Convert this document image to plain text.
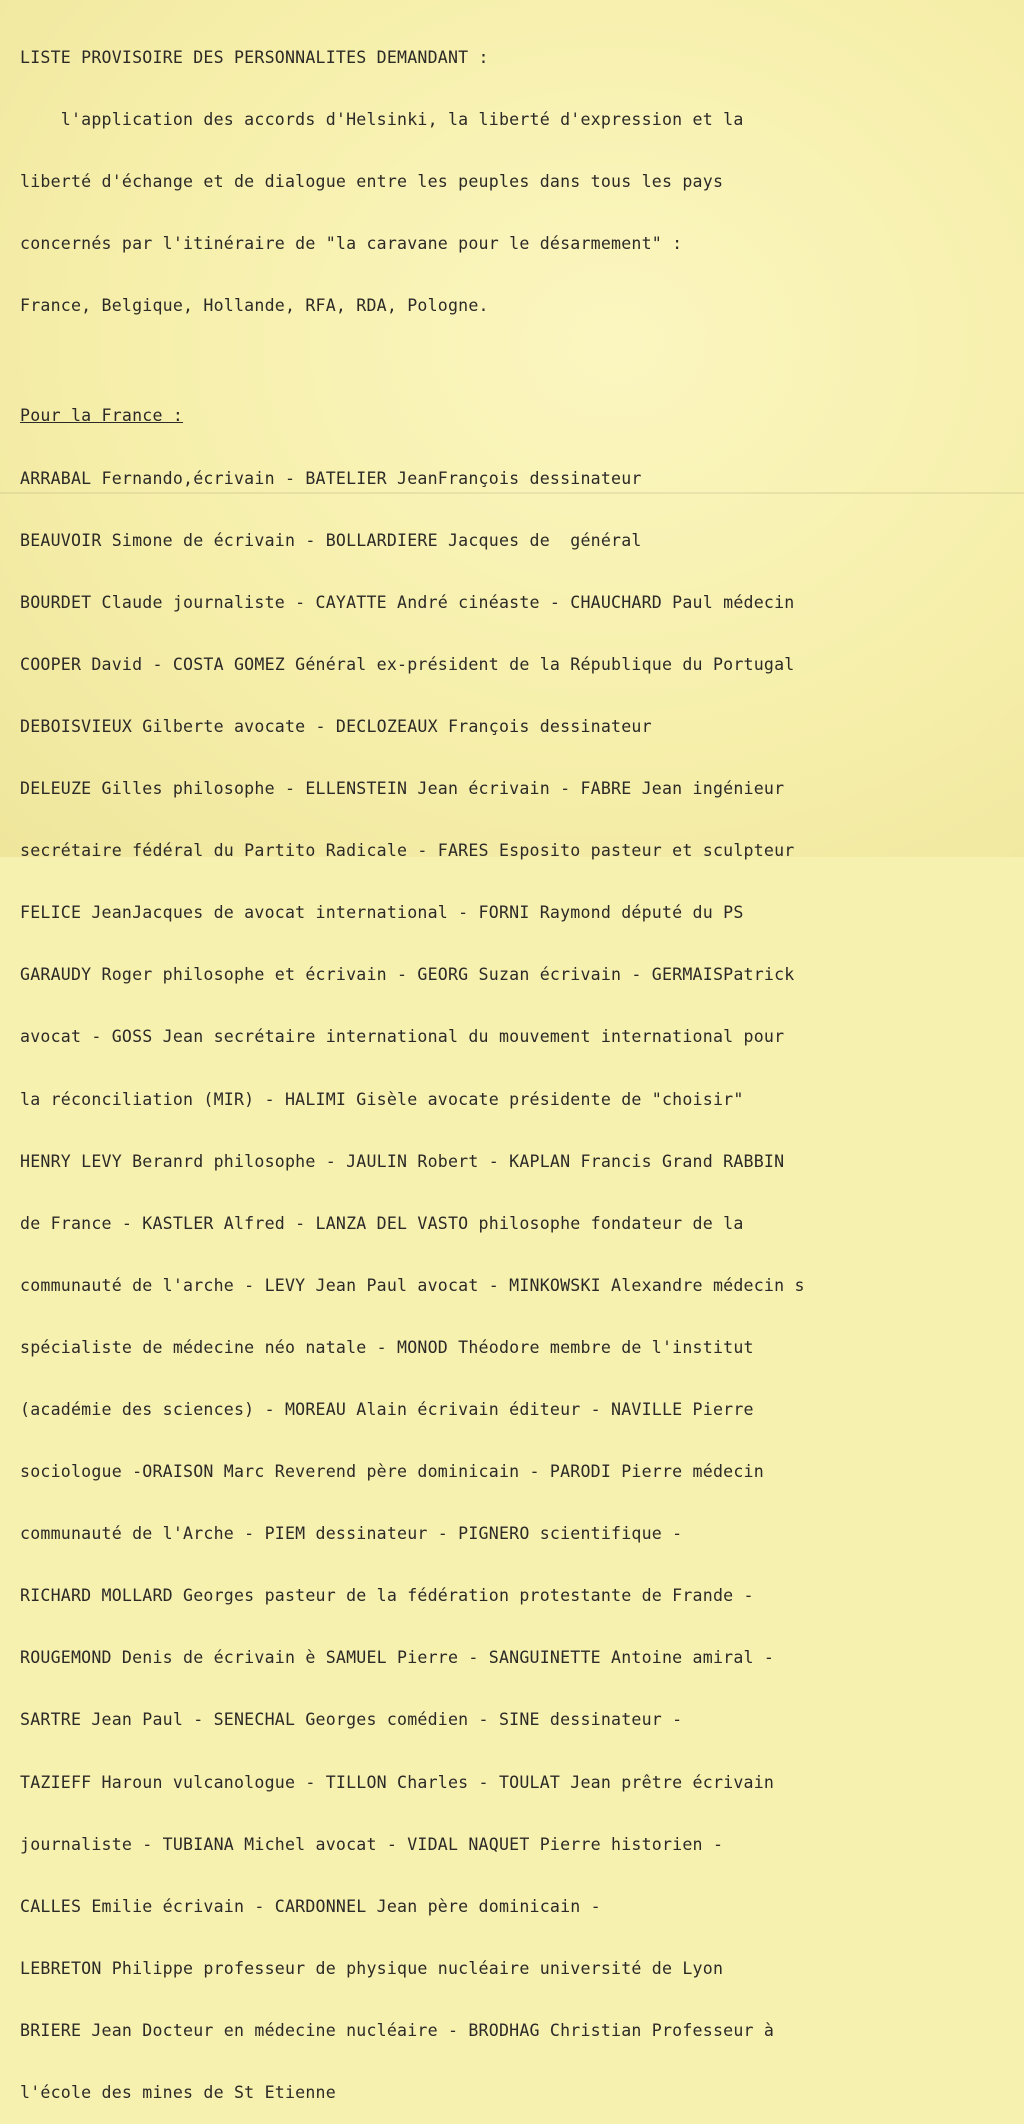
LISTE PROVISOIRE DES PERSONNALITES DEMANDANT :

l'application des accords d'Helsinki, la liberté d'expression et la

liberté d'échange et de dialogue entre les peuples dans tous les pays

concernés par l'itinéraire de "la caravane pour le désarmement" :

France, Belgique, Hollande, RFA, RDA, Pologne.

Pour la France :

ARRABAL Fernando,écrivain - BATELIER JeanFrançois dessinateur

BEAUVOIR Simone de écrivain - BOLLARDIERE Jacques de  général

BOURDET Claude journaliste - CAYATTE André cinéaste - CHAUCHARD Paul médecin

COOPER David - COSTA GOMEZ Général ex-président de la République du Portugal

DEBOISVIEUX Gilberte avocate - DECLOZEAUX François dessinateur

DELEUZE Gilles philosophe - ELLENSTEIN Jean écrivain - FABRE Jean ingénieur

secrétaire fédéral du Partito Radicale - FARES Esposito pasteur et sculpteur

FELICE JeanJacques de avocat international - FORNI Raymond député du PS

GARAUDY Roger philosophe et écrivain - GEORG Suzan écrivain - GERMAISPatrick

avocat - GOSS Jean secrétaire international du mouvement international pour

la réconciliation (MIR) - HALIMI Gisèle avocate présidente de "choisir"

HENRY LEVY Beranrd philosophe - JAULIN Robert - KAPLAN Francis Grand RABBIN

de France - KASTLER Alfred - LANZA DEL VASTO philosophe fondateur de la

communauté de l'arche - LEVY Jean Paul avocat - MINKOWSKI Alexandre médecin s

spécialiste de médecine néo natale - MONOD Théodore membre de l'institut

(académie des sciences) - MOREAU Alain écrivain éditeur - NAVILLE Pierre

sociologue -ORAISON Marc Reverend père dominicain - PARODI Pierre médecin

communauté de l'Arche - PIEM dessinateur - PIGNERO scientifique -

RICHARD MOLLARD Georges pasteur de la fédération protestante de Frande -

ROUGEMOND Denis de écrivain è SAMUEL Pierre - SANGUINETTE Antoine amiral -

SARTRE Jean Paul - SENECHAL Georges comédien - SINE dessinateur -

TAZIEFF Haroun vulcanologue - TILLON Charles - TOULAT Jean prêtre écrivain

journaliste - TUBIANA Michel avocat - VIDAL NAQUET Pierre historien -

CALLES Emilie écrivain - CARDONNEL Jean père dominicain -

LEBRETON Philippe professeur de physique nucléaire université de Lyon

BRIERE Jean Docteur en médecine nucléaire - BRODHAG Christian Professeur à

l'école des mines de St Etienne
